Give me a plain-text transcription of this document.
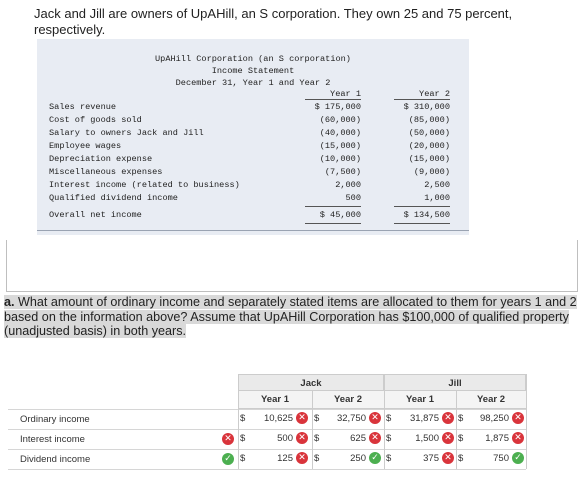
Jack and Jill are owners of UpAHill, an S corporation. They own 25 and 75 percent, respectively.

UpAHill Corporation (an S corporation)
Income Statement
December 31, Year 1 and Year 2
Year 1	Year 2
Sales revenue	$ 175,000	$ 310,000
Cost of goods sold	(60,000)	(85,000)
Salary to owners Jack and Jill	(40,000)	(50,000)
Employee wages	(15,000)	(20,000)
Depreciation expense	(10,000)	(15,000)
Miscellaneous expenses	(7,500)	(9,000)
Interest income (related to business)	2,000	2,500
Qualified dividend income	500	1,000
Overall net income	$ 45,000	$ 134,500

a. What amount of ordinary income and separately stated items are allocated to them for years 1 and 2 based on the information above? Assume that UpAHill Corporation has $100,000 of qualified property (unadjusted basis) in both years.

Jack	Jill
Year 1	Year 2	Year 1	Year 2
Ordinary income	$	10,625 ✕ $	32,750 ✕ $	31,875 ✕ $	98,250 ✕
Interest income	✕ $	500 ✕ $	625 ✕ $	1,500 ✕ $	1,875 ✕
Dividend income	✓ $	125 ✕ $	250 ✓ $	375 ✕ $	750 ✓
